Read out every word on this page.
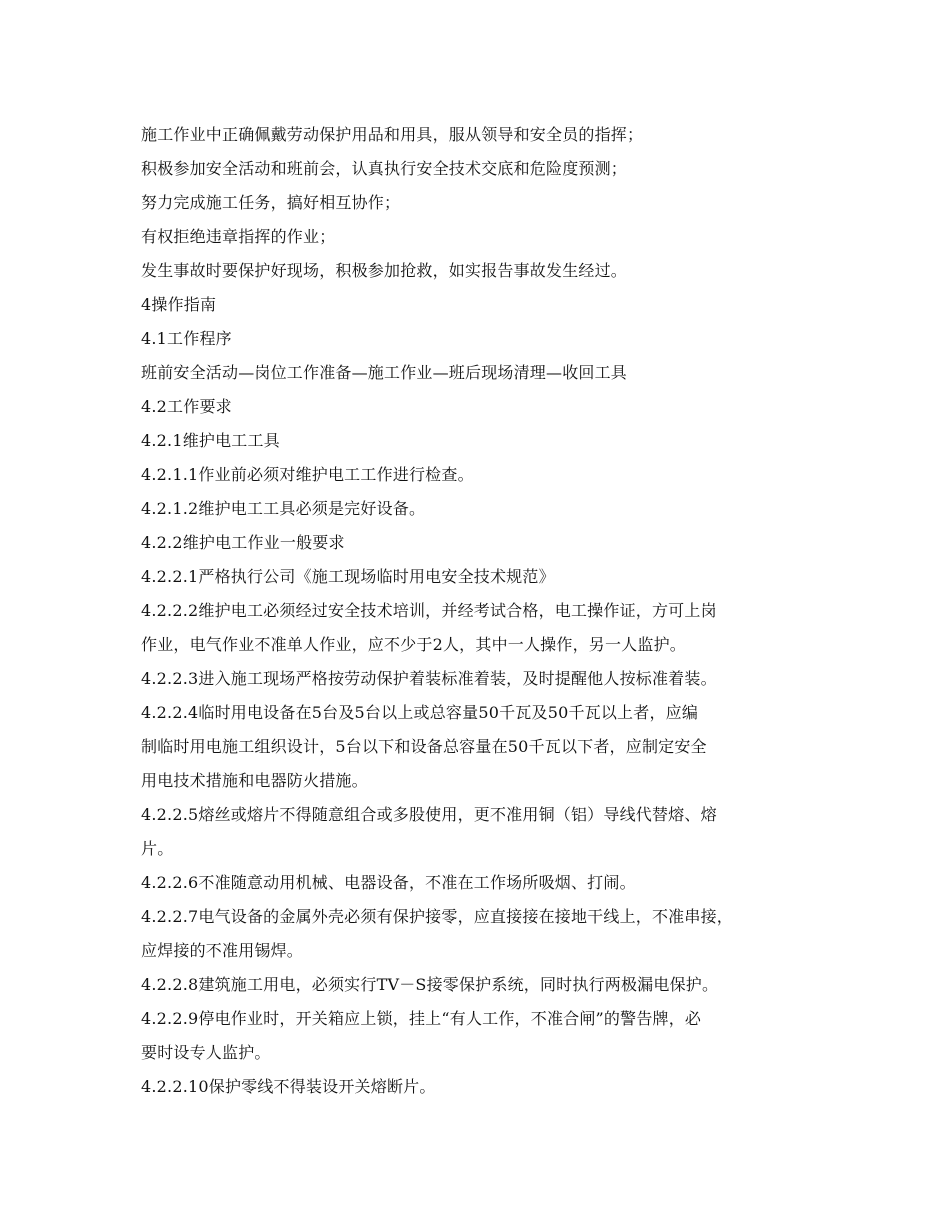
施工作业中正确佩戴劳动保护用品和用具，服从领导和安全员的指挥；
积极参加安全活动和班前会，认真执行安全技术交底和危险度预测；
努力完成施工任务，搞好相互协作；
有权拒绝违章指挥的作业；
发生事故时要保护好现场，积极参加抢救，如实报告事故发生经过。
4操作指南
4.1工作程序
班前安全活动—岗位工作准备—施工作业—班后现场清理—收回工具
4.2工作要求
4.2.1维护电工工具
4.2.1.1作业前必须对维护电工工作进行检查。
4.2.1.2维护电工工具必须是完好设备。
4.2.2维护电工作业一般要求
4.2.2.1严格执行公司《施工现场临时用电安全技术规范》
4.2.2.2维护电工必须经过安全技术培训，并经考试合格，电工操作证，方可上岗
作业，电气作业不准单人作业，应不少于2人，其中一人操作，另一人监护。
4.2.2.3进入施工现场严格按劳动保护着装标准着装，及时提醒他人按标准着装。
4.2.2.4临时用电设备在5台及5台以上或总容量50千瓦及50千瓦以上者，应编
制临时用电施工组织设计，5台以下和设备总容量在50千瓦以下者，应制定安全
用电技术措施和电器防火措施。
4.2.2.5熔丝或熔片不得随意组合或多股使用，更不准用铜（铝）导线代替熔、熔
片。
4.2.2.6不准随意动用机械、电器设备，不准在工作场所吸烟、打闹。
4.2.2.7电气设备的金属外壳必须有保护接零，应直接接在接地干线上，不准串接，
应焊接的不准用锡焊。
4.2.2.8建筑施工用电，必须实行TV－S接零保护系统，同时执行两极漏电保护。
4.2.2.9停电作业时，开关箱应上锁，挂上“有人工作，不准合闸”的警告牌，必
要时设专人监护。
4.2.2.10保护零线不得装设开关熔断片。
